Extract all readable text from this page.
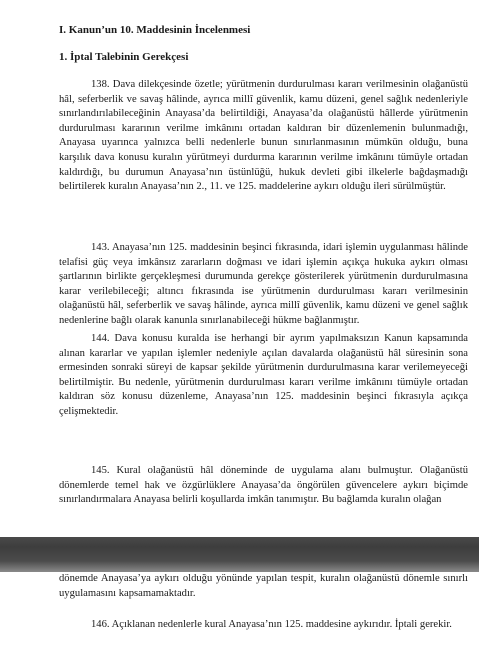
I. Kanun’un 10. Maddesinin İncelenmesi
1. İptal Talebinin Gerekçesi

138. Dava dilekçesinde özetle; yürütmenin durdurulması kararı verilmesinin olağanüstü hâl, seferberlik ve savaş hâlinde, ayrıca millî güvenlik, kamu düzeni, genel sağlık nedenleriyle sınırlandırılabileceğinin Anayasa’da belirtildiği, Anayasa’da olağanüstü hâllerde yürütmenin durdurulması kararının verilme imkânını ortadan kaldıran bir düzenlemenin bulunmadığı, Anayasa uyarınca yalnızca belli nedenlerle bunun sınırlanmasının mümkün olduğu, buna karşılık dava konusu kuralın yürütmeyi durdurma kararının verilme imkânını tümüyle ortadan kaldırdığı, bu durumun Anayasa’nın üstünlüğü, hukuk devleti gibi ilkelerle bağdaşmadığı belirtilerek kuralın Anayasa’nın 2., 11. ve 125. maddelerine aykırı olduğu ileri sürülmüştür.

143. Anayasa’nın 125. maddesinin beşinci fıkrasında, idari işlemin uygulanması hâlinde telafisi güç veya imkânsız zararların doğması ve idari işlemin açıkça hukuka aykırı olması şartlarının birlikte gerçekleşmesi durumunda gerekçe gösterilerek yürütmenin durdurulmasına karar verilebileceği; altıncı fıkrasında ise yürütmenin durdurulması kararı verilmesinin olağanüstü hâl, seferberlik ve savaş hâlinde, ayrıca millî güvenlik, kamu düzeni ve genel sağlık nedenlerine bağlı olarak kanunla sınırlanabileceği hükme bağlanmıştır.

144. Dava konusu kuralda ise herhangi bir ayrım yapılmaksızın Kanun kapsamında alınan kararlar ve yapılan işlemler nedeniyle açılan davalarda olağanüstü hâl süresinin sona ermesinden sonraki süreyi de kapsar şekilde yürütmenin durdurulmasına karar verilemeyeceği belirtilmiştir. Bu nedenle, yürütmenin durdurulması kararı verilme imkânını tümüyle ortadan kaldıran söz konusu düzenleme, Anayasa’nın 125. maddesinin beşinci fıkrasıyla açıkça çelişmektedir.

145. Kural olağanüstü hâl döneminde de uygulama alanı bulmuştur. Olağanüstü dönemlerde temel hak ve özgürlüklere Anayasa’da öngörülen güvencelere aykırı biçimde sınırlandırmalara Anayasa belirli koşullarda imkân tanımıştır. Bu bağlamda kuralın olağan

dönemde Anayasa’ya aykırı olduğu yönünde yapılan tespit, kuralın olağanüstü dönemle sınırlı uygulamasını kapsamamaktadır.

146. Açıklanan nedenlerle kural Anayasa’nın 125. maddesine aykırıdır. İptali gerekir.
